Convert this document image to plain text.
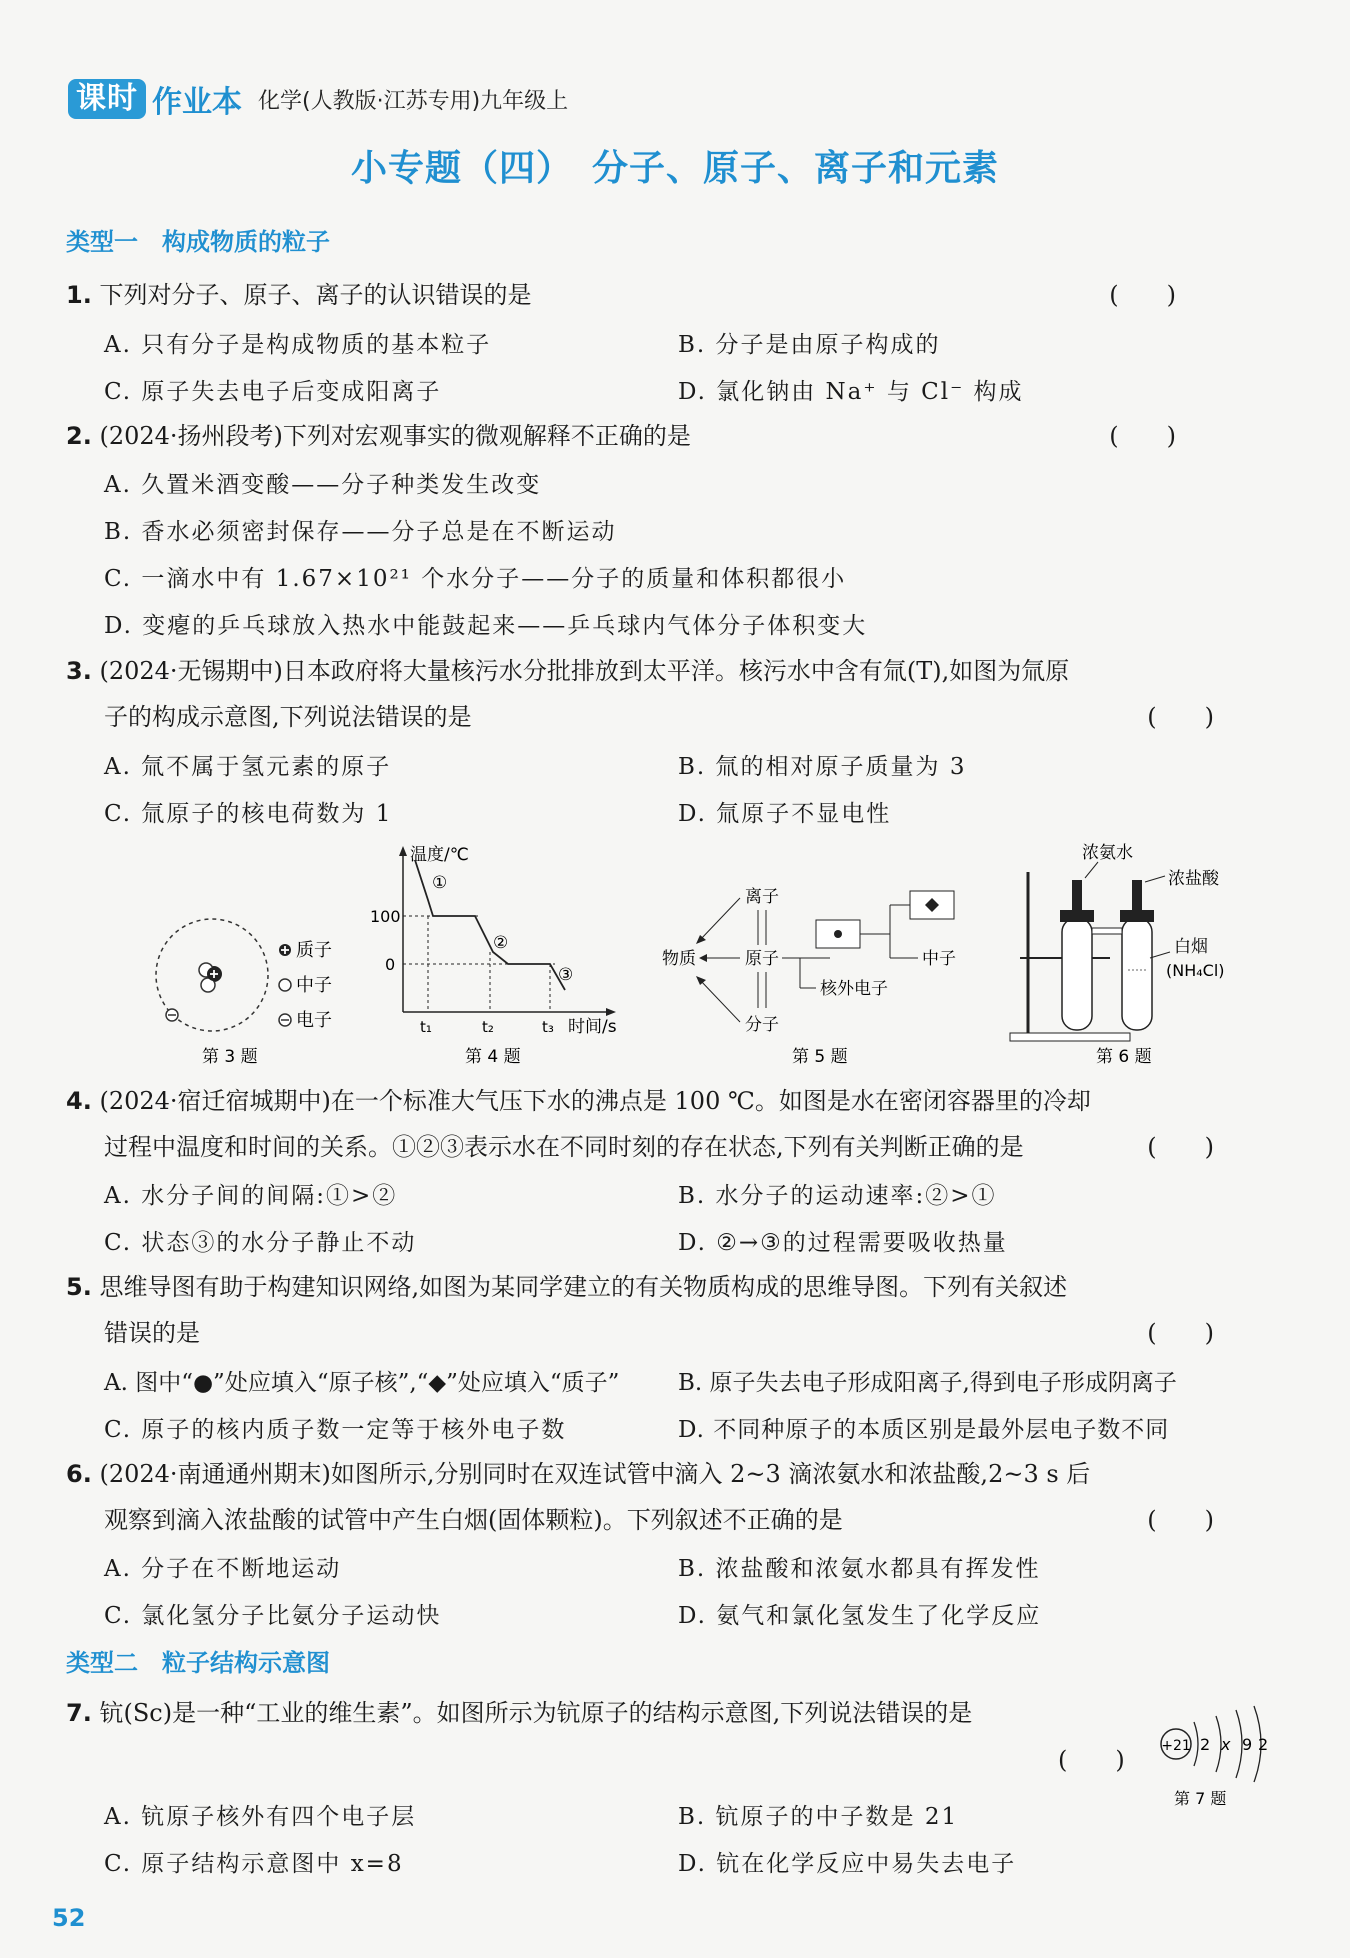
课时 作业本 化学(人教版·江苏专用)九年级上
小专题（四）　分子、原子、离子和元素
类型一　构成物质的粒子
1. 下列对分子、原子、离子的认识错误的是	(　　)
A. 只有分子是构成物质的基本粒子	B. 分子是由原子构成的
C. 原子失去电子后变成阳离子	D. 氯化钠由 Na⁺ 与 Cl⁻ 构成
2. (2024·扬州段考)下列对宏观事实的微观解释不正确的是	(　　)
A. 久置米酒变酸——分子种类发生改变
B. 香水必须密封保存——分子总是在不断运动
C. 一滴水中有 1.67×10²¹ 个水分子——分子的质量和体积都很小
D. 变瘪的乒乓球放入热水中能鼓起来——乒乓球内气体分子体积变大
3. (2024·无锡期中)日本政府将大量核污水分批排放到太平洋。核污水中含有氚(T),如图为氚原
子的构成示意图,下列说法错误的是	(　　)
A. 氚不属于氢元素的原子	B. 氚的相对原子质量为 3
C. 氚原子的核电荷数为 1	D. 氚原子不显电性
质子
中子
电子
第 3 题
温度/℃
100
0
①
②
③
t₁	t₂	t₃ 时间/s
第 4 题
离子
物质	原子
分子
中子
核外电子
第 5 题
浓氨水
浓盐酸
白烟
(NH₄Cl)
第 6 题
4. (2024·宿迁宿城期中)在一个标准大气压下水的沸点是 100 ℃。如图是水在密闭容器里的冷却
过程中温度和时间的关系。①②③表示水在不同时刻的存在状态,下列有关判断正确的是	(　　)
A. 水分子间的间隔:①>②	B. 水分子的运动速率:②>①
C. 状态③的水分子静止不动	D. ②→③的过程需要吸收热量
5. 思维导图有助于构建知识网络,如图为某同学建立的有关物质构成的思维导图。下列有关叙述
错误的是	(　　)
A. 图中“●”处应填入“原子核”,“◆”处应填入“质子”	B. 原子失去电子形成阳离子,得到电子形成阴离子
C. 原子的核内质子数一定等于核外电子数	D. 不同种原子的本质区别是最外层电子数不同
6. (2024·南通通州期末)如图所示,分别同时在双连试管中滴入 2~3 滴浓氨水和浓盐酸,2~3 s 后
观察到滴入浓盐酸的试管中产生白烟(固体颗粒)。下列叙述不正确的是	(　　)
A. 分子在不断地运动	B. 浓盐酸和浓氨水都具有挥发性
C. 氯化氢分子比氨分子运动快	D. 氨气和氯化氢发生了化学反应
类型二　粒子结构示意图
7. 钪(Sc)是一种“工业的维生素”。如图所示为钪原子的结构示意图,下列说法错误的是
(　　)	+21 2 x 9 2
第 7 题
A. 钪原子核外有四个电子层	B. 钪原子的中子数是 21
C. 原子结构示意图中 x=8	D. 钪在化学反应中易失去电子
52
